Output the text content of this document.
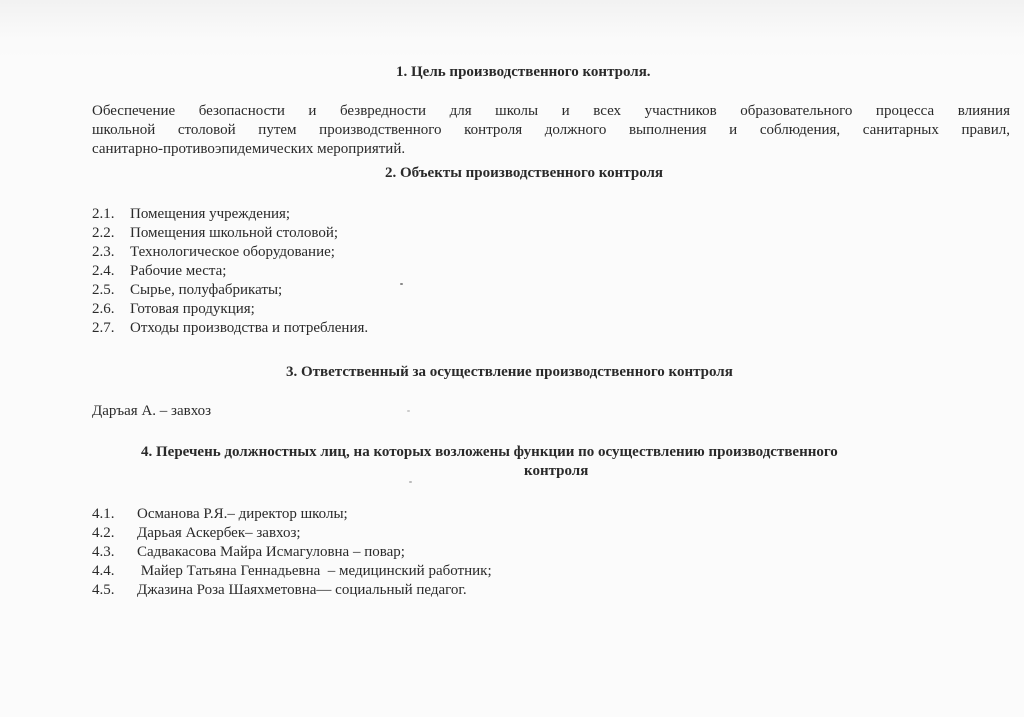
1. Цель производственного контроля.
Обеспечение безопасности и безвредности для школы и всех участников образовательного процесса влияния
школьной столовой путем производственного контроля должного выполнения и соблюдения, санитарных правил,
санитарно-противоэпидемических мероприятий.
2. Объекты производственного контроля
2.1. Помещения учреждения;
2.2. Помещения школьной столовой;
2.3. Технологическое оборудование;
2.4. Рабочие места;
2.5. Сырье, полуфабрикаты;
2.6. Готовая продукция;
2.7. Отходы производства и потребления.
3. Ответственный за осуществление производственного контроля
Даръая А. – завхоз
4. Перечень должностных лиц, на которых возложены функции по осуществлению производственного
контроля
4.1. Османова Р.Я.– директор школы;
4.2. Дарьая Аскербек– завхоз;
4.3. Садвакасова Майра Исмагуловна – повар;
4.4. Майер Татьяна Геннадьевна  – медицинский работник;
4.5. Джазина Роза Шаяхметовна— социальный педагог.
